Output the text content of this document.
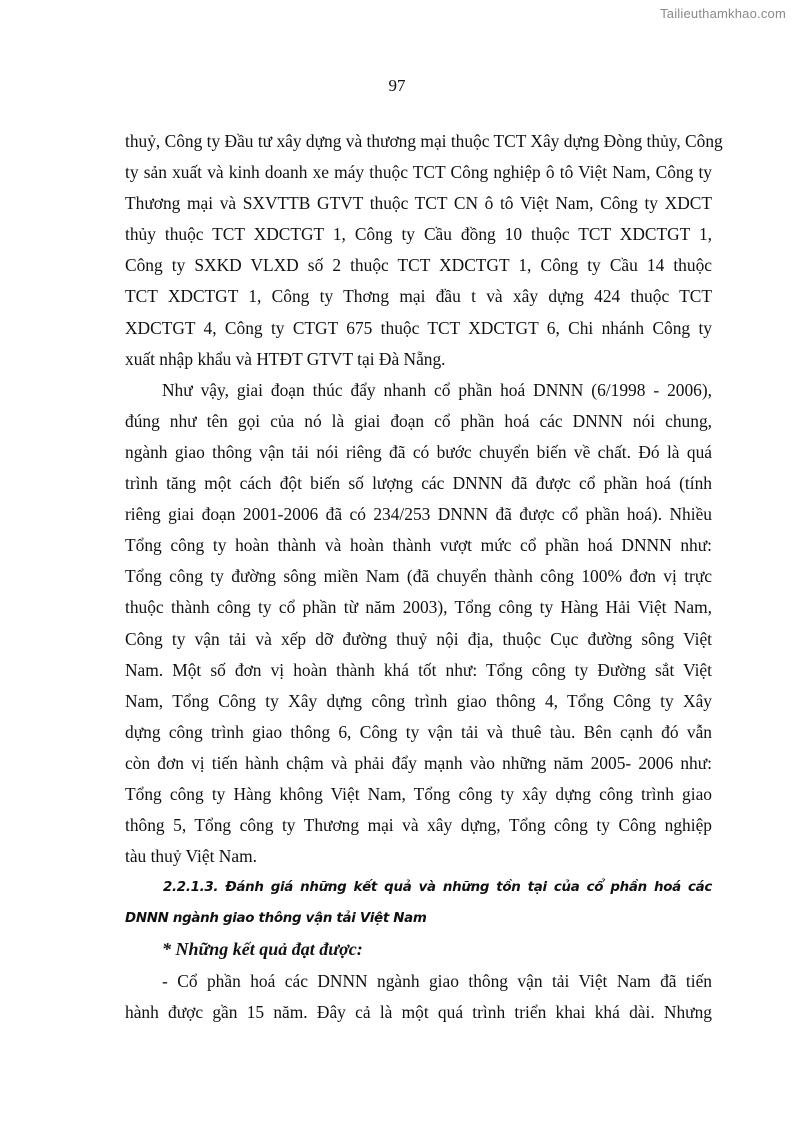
Tailieuthamkhao.com
97
thuỷ, Công ty Đầu tư xây dựng và thương mại thuộc TCT Xây dựng Đòng thủy, Công
ty sản xuất và kinh doanh xe máy thuộc TCT Công nghiệp ô tô Việt Nam, Công ty
Thương mại và SXVTTB GTVT thuộc TCT CN ô tô Việt Nam, Công ty XDCT
thủy thuộc TCT XDCTGT 1, Công ty Cầu đồng 10 thuộc TCT XDCTGT 1,
Công ty SXKD VLXD số 2 thuộc TCT XDCTGT 1, Công ty Cầu 14 thuộc
TCT XDCTGT 1, Công ty Thơng mại đầu t và xây dựng 424 thuộc TCT
XDCTGT 4, Công ty CTGT 675 thuộc TCT XDCTGT 6, Chi nhánh Công ty
xuất nhập khẩu và HTĐT GTVT tại Đà Nẵng.
Như vậy, giai đoạn thúc đẩy nhanh cổ phần hoá DNNN (6/1998 - 2006),
đúng như tên gọi của nó là giai đoạn cổ phần hoá các DNNN nói chung,
ngành giao thông vận tải nói riêng đã có bước chuyển biến về chất. Đó là quá
trình tăng một cách đột biến số lượng các DNNN đã được cổ phần hoá (tính
riêng giai đoạn 2001-2006 đã có 234/253 DNNN đã được cổ phần hoá). Nhiều
Tổng công ty hoàn thành và hoàn thành vượt mức cổ phần hoá DNNN như:
Tổng công ty đường sông miền Nam (đã chuyển thành công 100% đơn vị trực
thuộc thành công ty cổ phần từ năm 2003), Tổng công ty Hàng Hải Việt Nam,
Công ty vận tải và xếp dỡ đường thuỷ nội địa, thuộc Cục đường sông Việt
Nam. Một số đơn vị hoàn thành khá tốt như: Tổng công ty Đường sắt Việt
Nam, Tổng Công ty Xây dựng công trình giao thông 4, Tổng Công ty Xây
dựng công trình giao thông 6, Công ty vận tải và thuê tàu. Bên cạnh đó vẫn
còn đơn vị tiến hành chậm và phải đẩy mạnh vào những năm 2005- 2006 như:
Tổng công ty Hàng không Việt Nam, Tổng công ty xây dựng công trình giao
thông 5, Tổng công ty Thương mại và xây dựng, Tổng công ty Công nghiệp
tàu thuỷ Việt Nam.
2.2.1.3. Đánh giá những kết quả và những tồn tại của cổ phần hoá các
DNNN ngành giao thông vận tải Việt Nam
* Những kết quả đạt được:
- Cổ phần hoá các DNNN ngành giao thông vận tải Việt Nam đã tiến
hành được gần 15 năm. Đây cả là một quá trình triển khai khá dài. Nhưng
